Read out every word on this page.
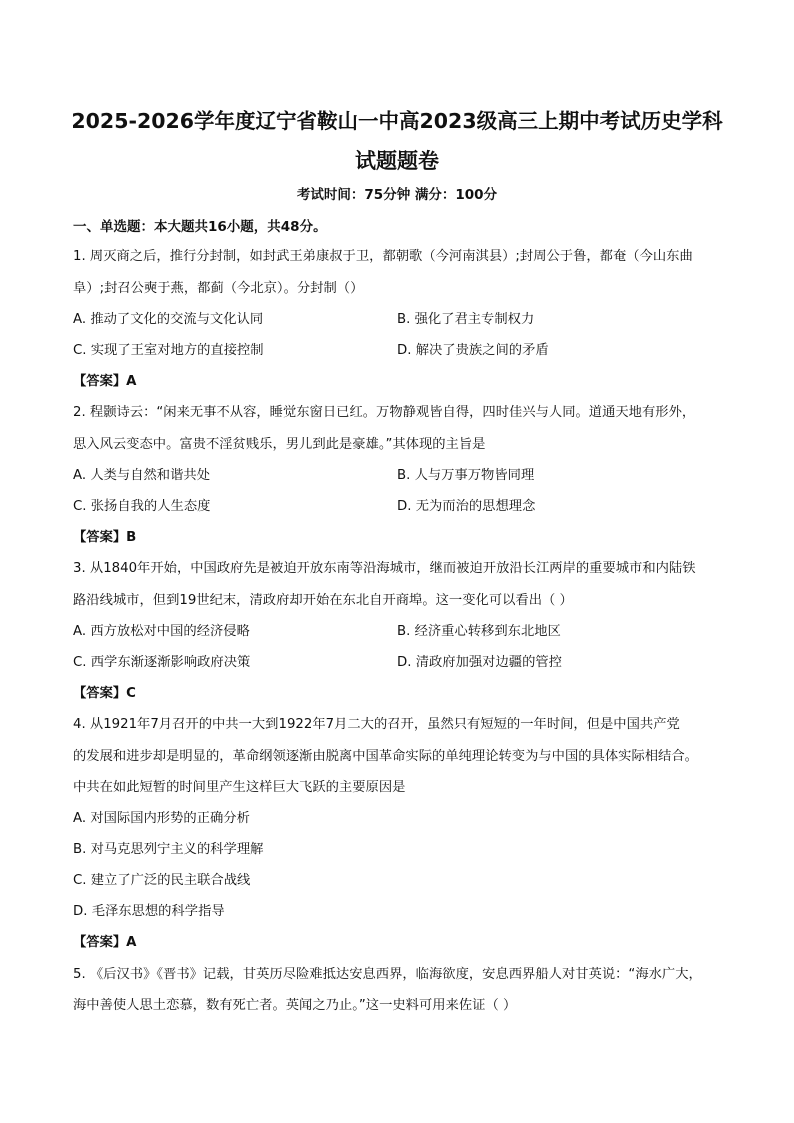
2025-2026学年度辽宁省鞍山一中高2023级高三上期中考试历史学科
试题题卷
考试时间：75分钟 满分：100分
一、单选题：本大题共16小题，共48分。
1. 周灭商之后，推行分封制，如封武王弟康叔于卫，都朝歌（今河南淇县）;封周公于鲁，都奄（今山东曲
阜）;封召公奭于燕，都蓟（今北京）。分封制（）
A. 推动了文化的交流与文化认同	B. 强化了君主专制权力
C. 实现了王室对地方的直接控制	D. 解决了贵族之间的矛盾
【答案】A
2. 程颢诗云：“闲来无事不从容，睡觉东窗日已红。万物静观皆自得，四时佳兴与人同。道通天地有形外，
思入风云变态中。富贵不淫贫贱乐，男儿到此是豪雄。”其体现的主旨是
A. 人类与自然和谐共处	B. 人与万事万物皆同理
C. 张扬自我的人生态度	D. 无为而治的思想理念
【答案】B
3. 从1840年开始，中国政府先是被迫开放东南等沿海城市，继而被迫开放沿长江两岸的重要城市和内陆铁
路沿线城市，但到19世纪末，清政府却开始在东北自开商埠。这一变化可以看出（ ）
A. 西方放松对中国的经济侵略	B. 经济重心转移到东北地区
C. 西学东渐逐渐影响政府决策	D. 清政府加强对边疆的管控
【答案】C
4. 从1921年7月召开的中共一大到1922年7月二大的召开，虽然只有短短的一年时间，但是中国共产党
的发展和进步却是明显的，革命纲领逐渐由脱离中国革命实际的单纯理论转变为与中国的具体实际相结合。
中共在如此短暂的时间里产生这样巨大飞跃的主要原因是
A. 对国际国内形势的正确分析
B. 对马克思列宁主义的科学理解
C. 建立了广泛的民主联合战线
D. 毛泽东思想的科学指导
【答案】A
5. 《后汉书》《晋书》记载，甘英历尽险难抵达安息西界，临海欲度，安息西界船人对甘英说：“海水广大，
海中善使人思土恋慕，数有死亡者。英闻之乃止。”这一史料可用来佐证（ ）
